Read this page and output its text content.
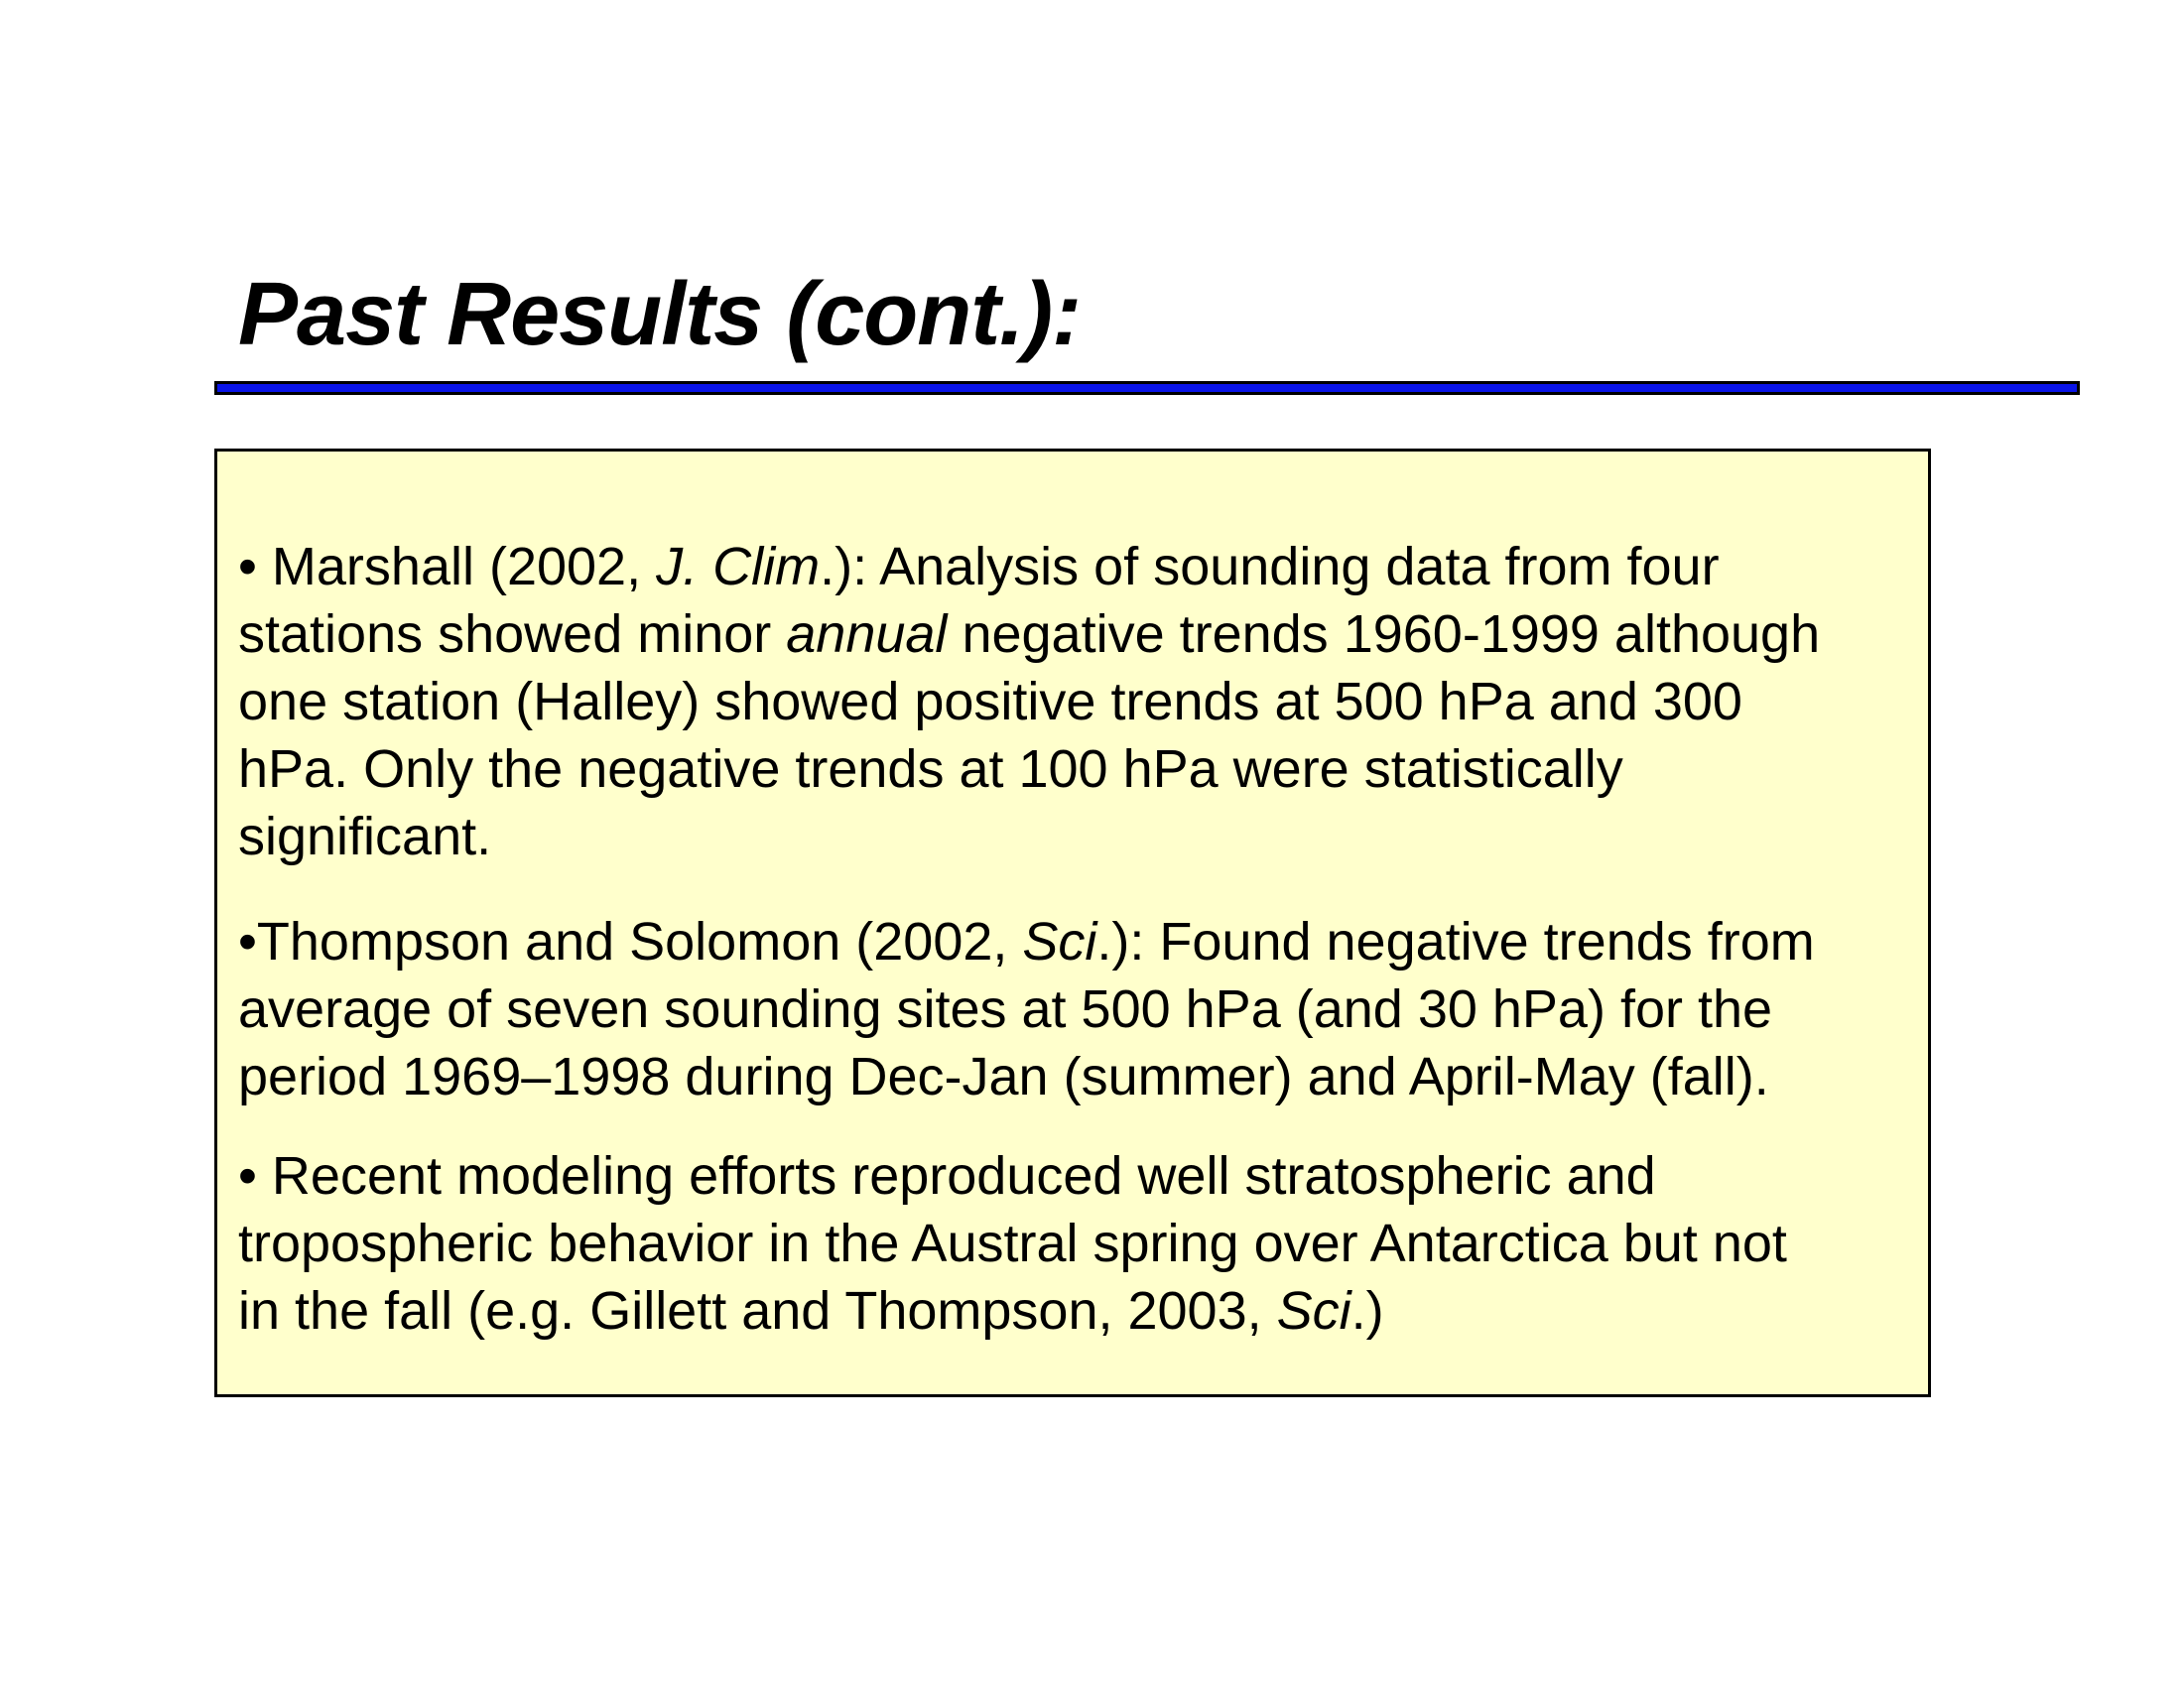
Past Results (cont.):

• Marshall (2002, J. Clim.): Analysis of sounding data from four
stations showed minor annual negative trends 1960-1999 although
one station (Halley) showed positive trends at 500 hPa and 300
hPa. Only the negative trends at 100 hPa were statistically
significant.

•Thompson and Solomon (2002, Sci.): Found negative trends from
average of seven sounding sites at 500 hPa (and 30 hPa) for the
period 1969–1998 during Dec-Jan (summer) and April-May (fall).

• Recent modeling efforts reproduced well stratospheric and
tropospheric behavior in the Austral spring over Antarctica but not
in the fall (e.g. Gillett and Thompson, 2003, Sci.)
